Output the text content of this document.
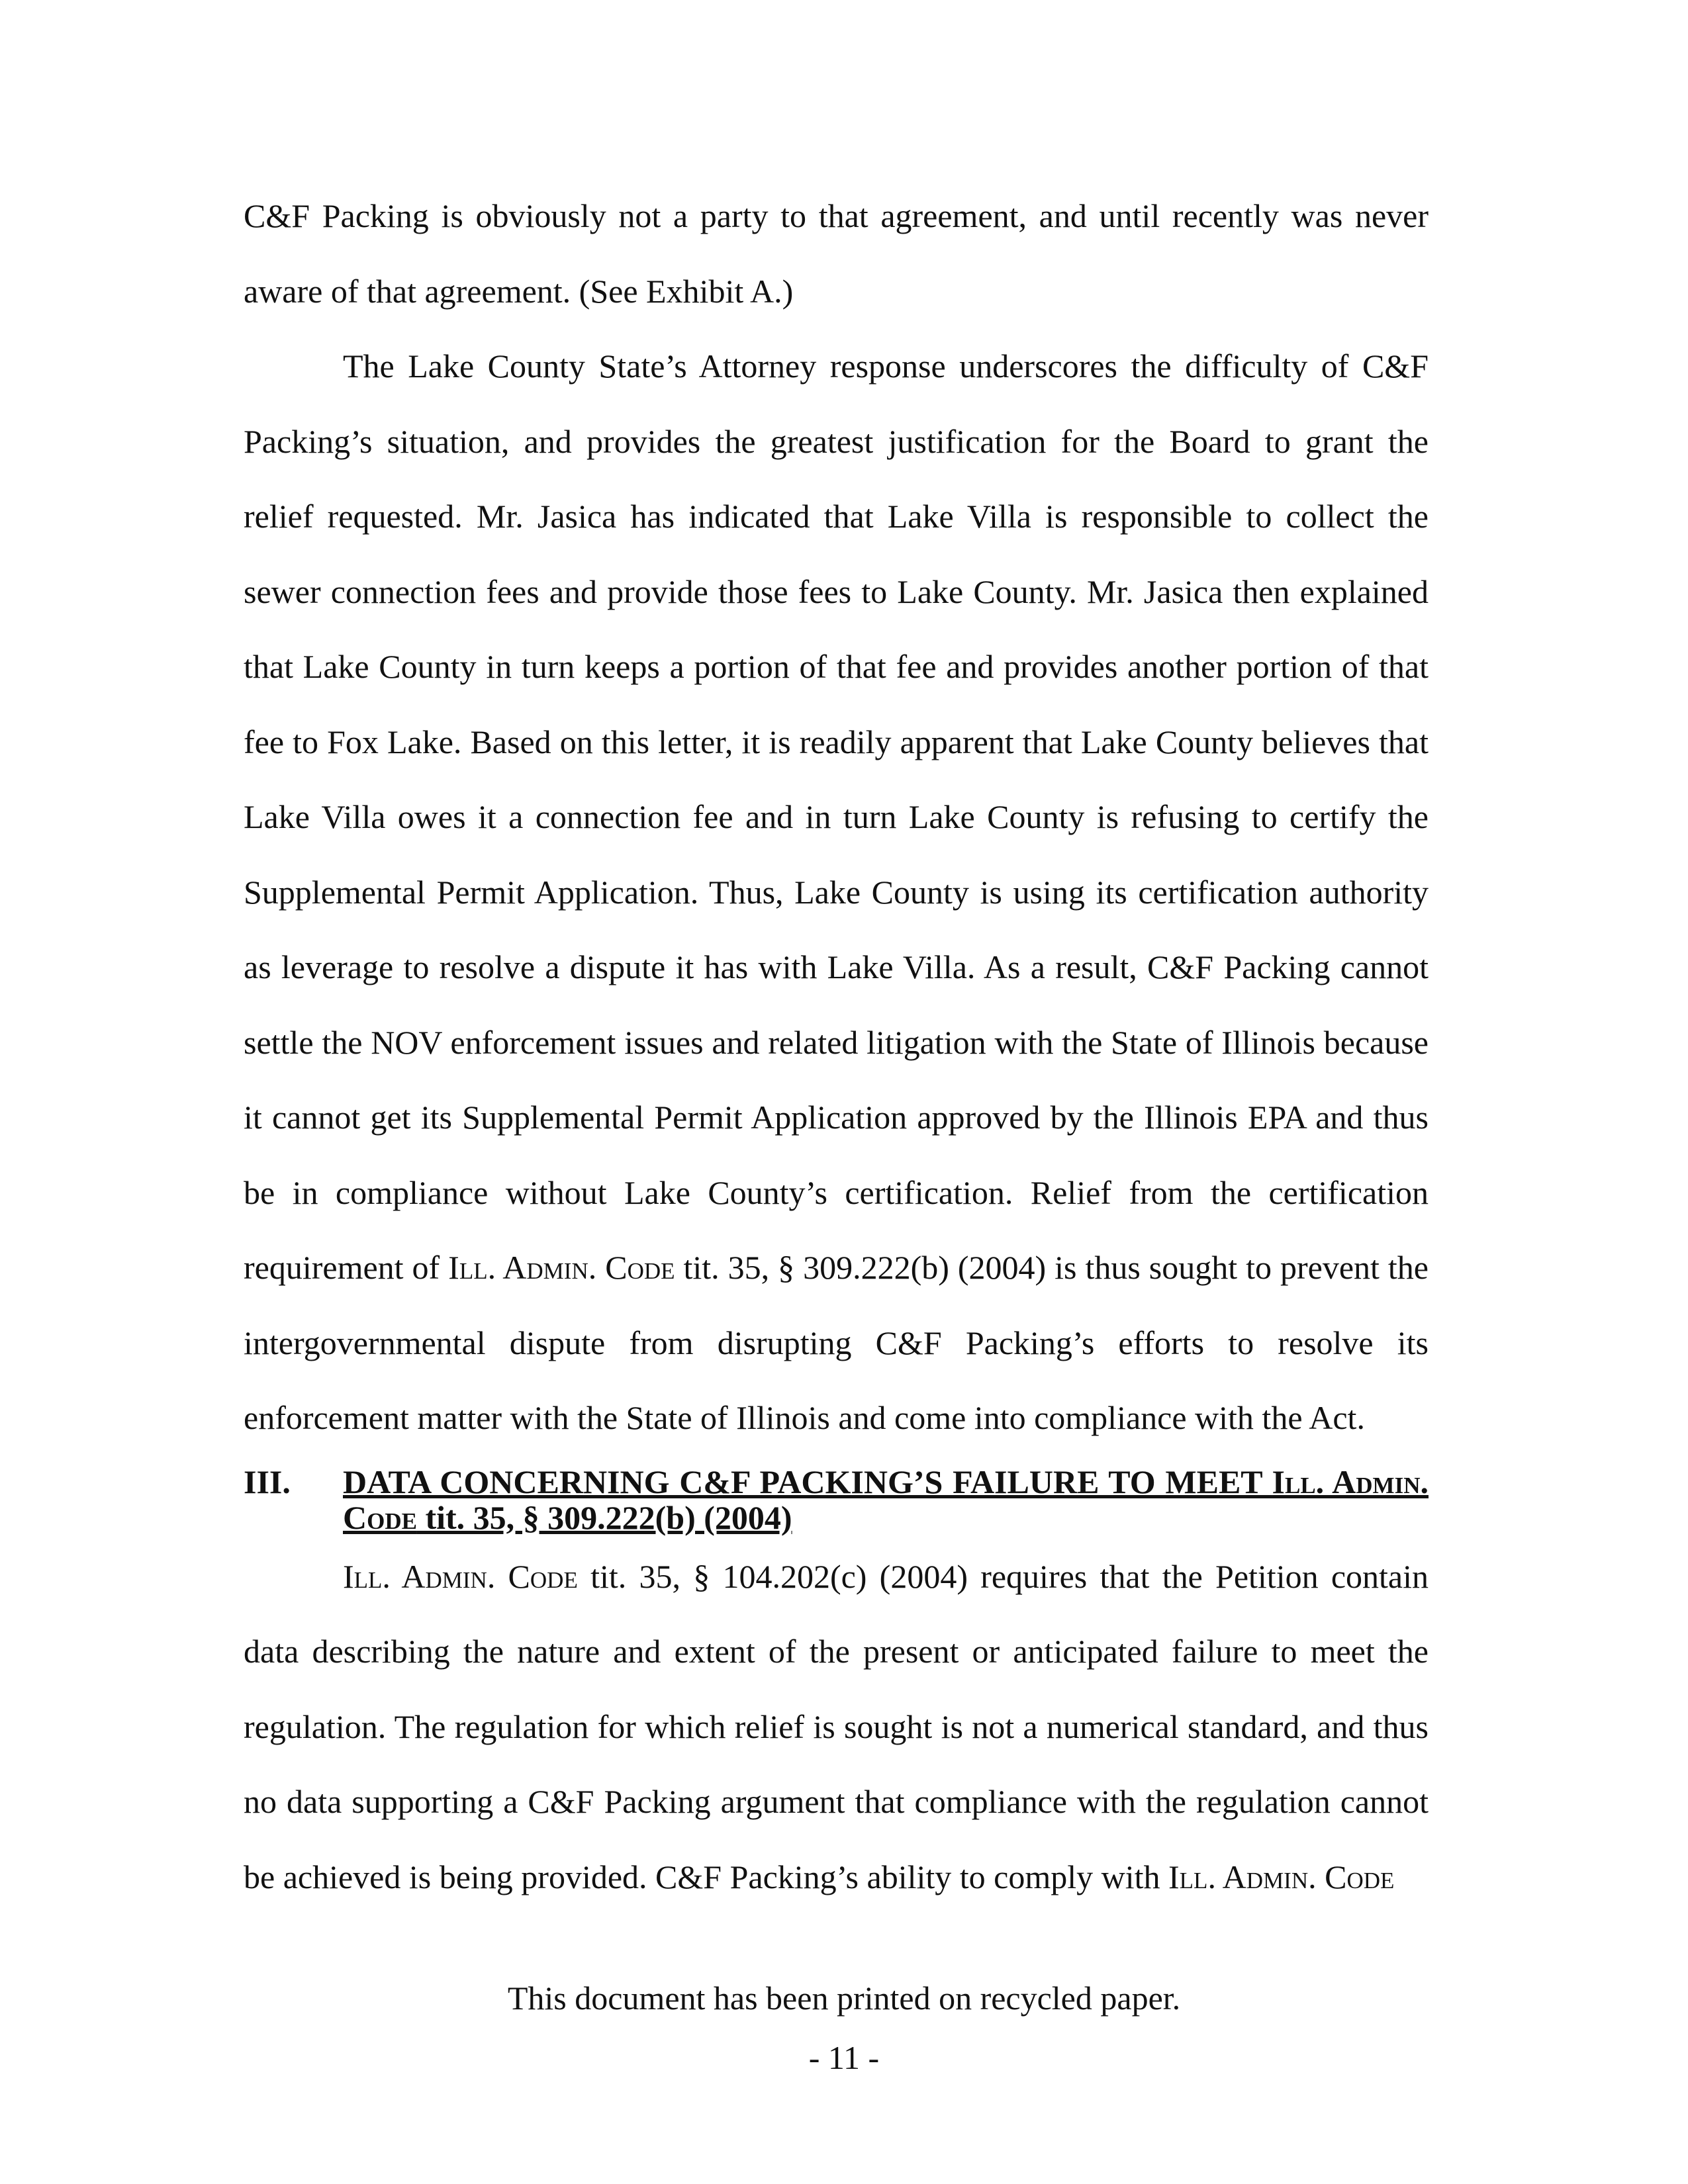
C&F Packing is obviously not a party to that agreement, and until recently was never aware of that agreement. (See Exhibit A.)

The Lake County State’s Attorney response underscores the difficulty of C&F Packing’s situation, and provides the greatest justification for the Board to grant the relief requested. Mr. Jasica has indicated that Lake Villa is responsible to collect the sewer connection fees and provide those fees to Lake County. Mr. Jasica then explained that Lake County in turn keeps a portion of that fee and provides another portion of that fee to Fox Lake. Based on this letter, it is readily apparent that Lake County believes that Lake Villa owes it a connection fee and in turn Lake County is refusing to certify the Supplemental Permit Application. Thus, Lake County is using its certification authority as leverage to resolve a dispute it has with Lake Villa. As a result, C&F Packing cannot settle the NOV enforcement issues and related litigation with the State of Illinois because it cannot get its Supplemental Permit Application approved by the Illinois EPA and thus be in compliance without Lake County’s certification. Relief from the certification requirement of Ill. Admin. Code tit. 35, § 309.222(b) (2004) is thus sought to prevent the intergovernmental dispute from disrupting C&F Packing’s efforts to resolve its enforcement matter with the State of Illinois and come into compliance with the Act.

III.	DATA CONCERNING C&F PACKING’S FAILURE TO MEET Ill. Admin. Code tit. 35, § 309.222(b) (2004)

Ill. Admin. Code tit. 35, § 104.202(c) (2004) requires that the Petition contain data describing the nature and extent of the present or anticipated failure to meet the regulation. The regulation for which relief is sought is not a numerical standard, and thus no data supporting a C&F Packing argument that compliance with the regulation cannot be achieved is being provided. C&F Packing’s ability to comply with Ill. Admin. Code

This document has been printed on recycled paper.
- 11 -
